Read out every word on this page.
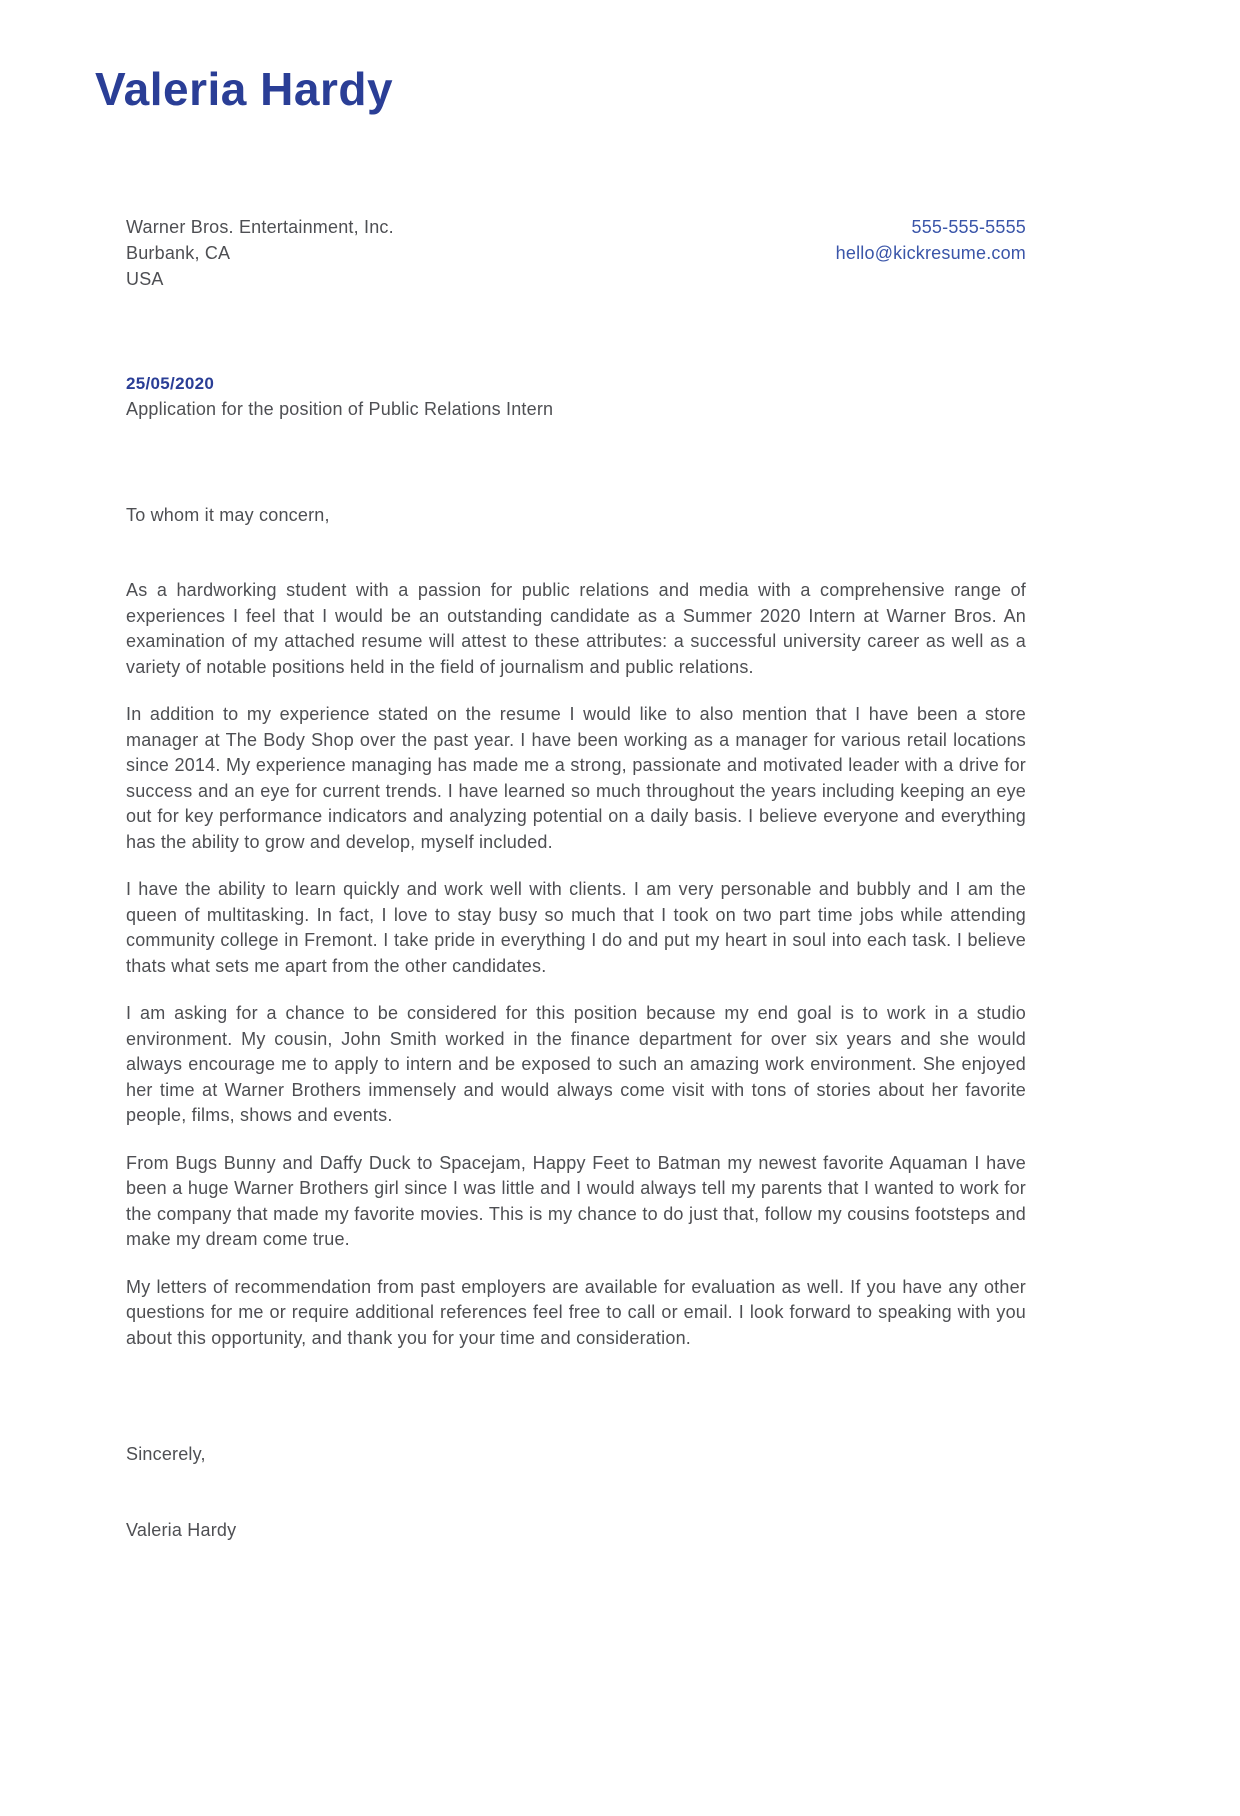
Valeria Hardy
Warner Bros. Entertainment, Inc.
Burbank, CA
USA
555-555-5555
hello@kickresume.com
25/05/2020
Application for the position of Public Relations Intern
To whom it may concern,

As a hardworking student with a passion for public relations and media with a comprehensive range of experiences I feel that I would be an outstanding candidate as a Summer 2020 Intern at Warner Bros. An examination of my attached resume will attest to these attributes: a successful university career as well as a variety of notable positions held in the field of journalism and public relations.

In addition to my experience stated on the resume I would like to also mention that I have been a store manager at The Body Shop over the past year. I have been working as a manager for various retail locations since 2014. My experience managing has made me a strong, passionate and motivated leader with a drive for success and an eye for current trends. I have learned so much throughout the years including keeping an eye out for key performance indicators and analyzing potential on a daily basis. I believe everyone and everything has the ability to grow and develop, myself included.

I have the ability to learn quickly and work well with clients. I am very personable and bubbly and I am the queen of multitasking. In fact, I love to stay busy so much that I took on two part time jobs while attending community college in Fremont. I take pride in everything I do and put my heart in soul into each task. I believe thats what sets me apart from the other candidates.

I am asking for a chance to be considered for this position because my end goal is to work in a studio environment. My cousin, John Smith worked in the finance department for over six years and she would always encourage me to apply to intern and be exposed to such an amazing work environment. She enjoyed her time at Warner Brothers immensely and would always come visit with tons of stories about her favorite people, films, shows and events.

From Bugs Bunny and Daffy Duck to Spacejam, Happy Feet to Batman my newest favorite Aquaman I have been a huge Warner Brothers girl since I was little and I would always tell my parents that I wanted to work for the company that made my favorite movies. This is my chance to do just that, follow my cousins footsteps and make my dream come true.

My letters of recommendation from past employers are available for evaluation as well. If you have any other questions for me or require additional references feel free to call or email. I look forward to speaking with you about this opportunity, and thank you for your time and consideration.

Sincerely,
Valeria Hardy
